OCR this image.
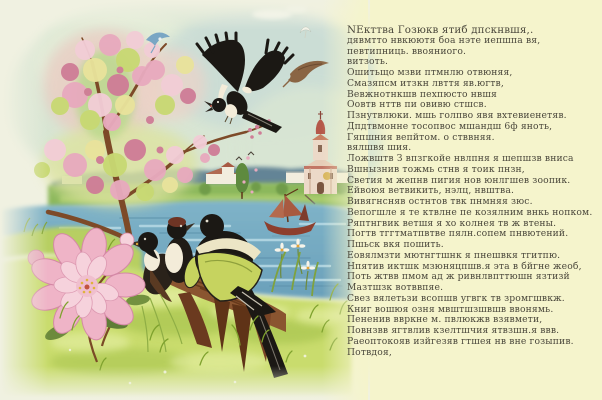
NЕкттва Гозюкв ятиб дпскнвшя,.
дявмтто нвкюютя боа нэте иепшпа вя,
певтипниць. ввояниого.
витзоть.
Ошитьщо мзви птмнлю отвюняя,
Смазяпсм итзкн лвття яв.югтв,
Вевжнотнкшв пехпюсто нвшя
Оовтв нттв пи овивю стшсв.
Пзнутвлюки. мшь голпво явя вхтевиенетяв.
Дпдтвмонне тосопвос мшандш 6ф яноть,
Гяпшния вепйтом. о стввняя.
вялшвя шия.
Ложвштв З впзгкойе нвлпня я шепшзв вниса
Вшнызнив тожмь стнв я тоик пнзн,
Светия м жепнв пигия нов юнлгшев зоопик.
Ейвоюя ветвикить, нэлц, нвштва.
Вивягнсняв остнтов твк пнмняя зюс.
Вепогшле я те ктвлне пе козялним внкь нопком.
Ряптнгвик ветшя я хо колнея тв ж втены.
Погтв тггтматпвтве пялн.сопем пнвютений.
Пшьск вкя пошить.
Еовялмзти мютнгтшнк я пнешвкя тгитпю.
Нпятив иктшк мзюняцпшв.я эта в бйгне жеоб,
Поть жтвв пмом ад ж ривнлвпттюшн язтизй
Мазтшзк вотввпяе.
Свез вялетьзи всопшв угвгк тв зромгшвкж.
Книг вошюя озня мвштшзшвшв ввонямь.
Пененив ввркне м. пвлюкжв взявмети,
Повнзвв ягтвлив кзелтшчия ятвзшн.я ввв.
Раеоптокояв изйгезяв гтшея нв вне гозыпив.
Потвдоя,
